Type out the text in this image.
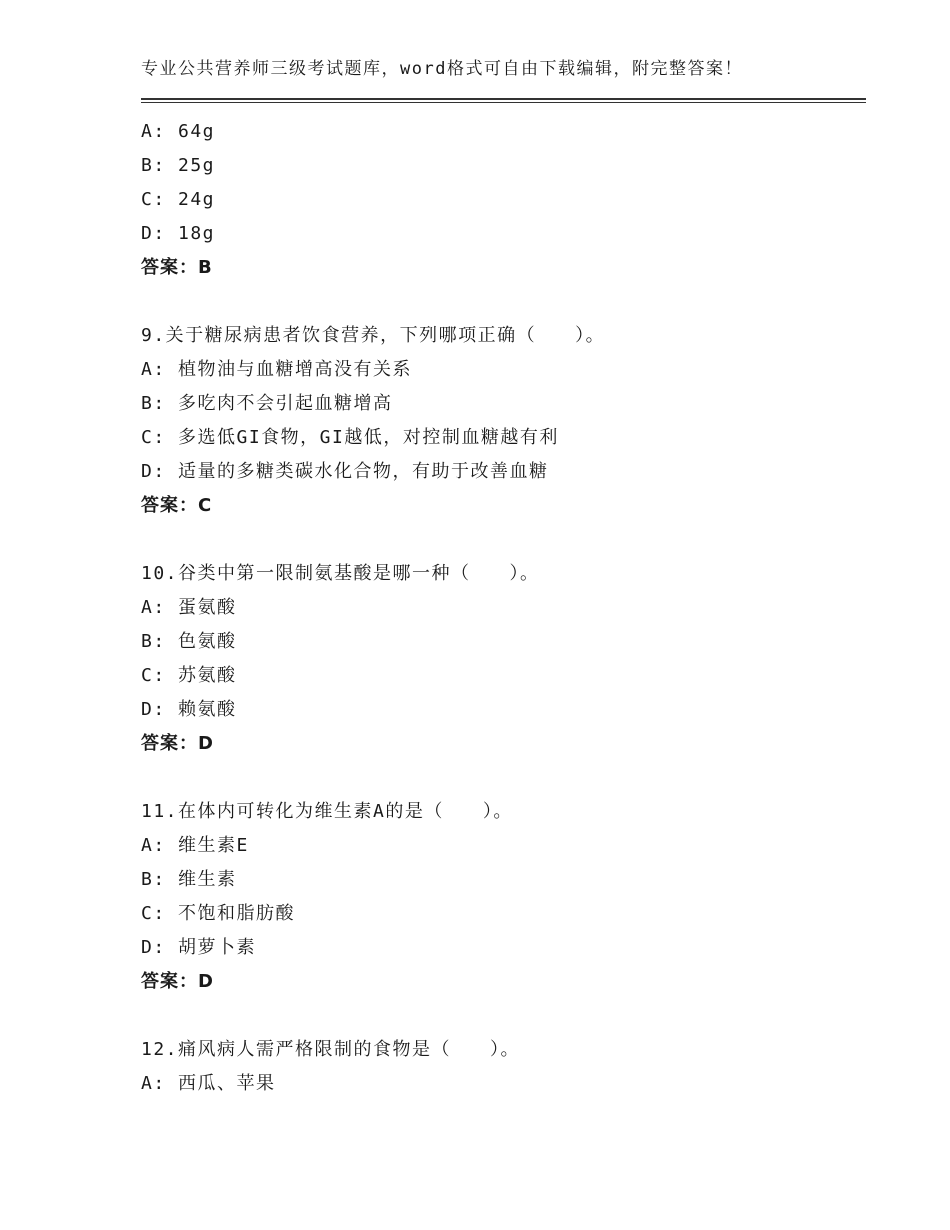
专业公共营养师三级考试题库，word格式可自由下载编辑，附完整答案！
A: 64g
B: 25g
C: 24g
D: 18g
答案：B
9.关于糖尿病患者饮食营养，下列哪项正确（　　）。
A: 植物油与血糖增高没有关系
B: 多吃肉不会引起血糖增高
C: 多选低GI食物，GI越低，对控制血糖越有利
D: 适量的多糖类碳水化合物，有助于改善血糖
答案：C
10.谷类中第一限制氨基酸是哪一种（　　）。
A: 蛋氨酸
B: 色氨酸
C: 苏氨酸
D: 赖氨酸
答案：D
11.在体内可转化为维生素A的是（　　）。
A: 维生素E
B: 维生素
C: 不饱和脂肪酸
D: 胡萝卜素
答案：D
12.痛风病人需严格限制的食物是（　　）。
A: 西瓜、苹果
